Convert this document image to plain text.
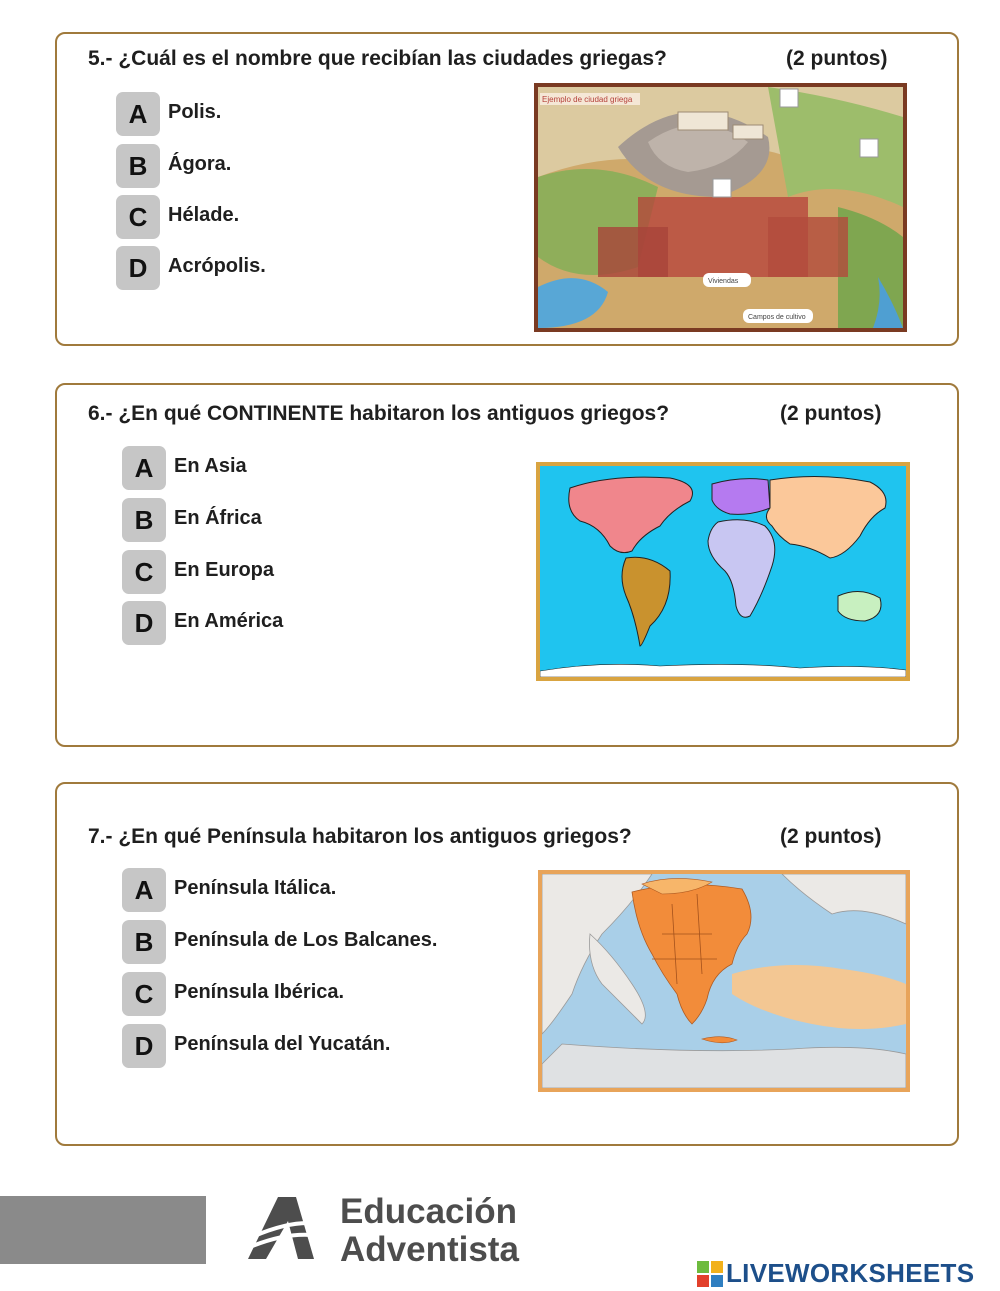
5.- ¿Cuál es el nombre que recibían las ciudades griegas?	(2 puntos)
A	Polis.
B	Ágora.
C	Hélade.
D	Acrópolis.
Ejemplo de ciudad griega
Viviendas
Campos de cultivo
6.- ¿En qué CONTINENTE habitaron los antiguos griegos?	(2 puntos)
A	En Asia
B	En África
C	En Europa
D	En América
7.- ¿En qué Península habitaron los antiguos griegos?	(2 puntos)
A	Península Itálica.
B	Península de Los Balcanes.
C	Península Ibérica.
D	Península del Yucatán.
Educación
Adventista
LIVEWORKSHEETS
